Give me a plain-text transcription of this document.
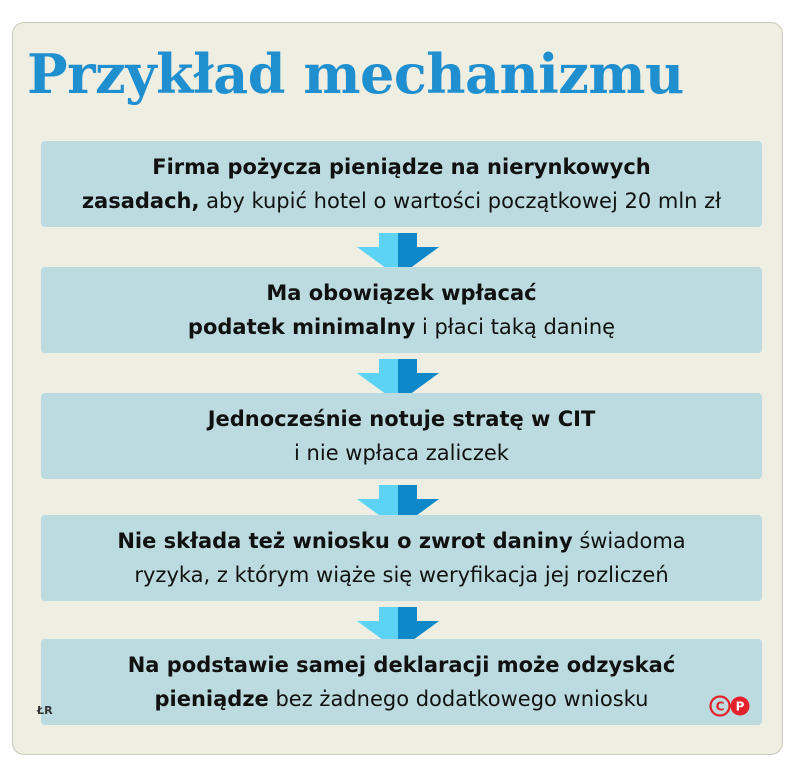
Przykład mechanizmu
Firma pożycza pieniądze na nierynkowych
zasadach, aby kupić hotel o wartości początkowej 20 mln zł
Ma obowiązek wpłacać
podatek minimalny i płaci taką daninę
Jednocześnie notuje stratę w CIT
i nie wpłaca zaliczek
Nie składa też wniosku o zwrot daniny świadoma
ryzyka, z którym wiąże się weryfikacja jej rozliczeń
Na podstawie samej deklaracji może odzyskać
pieniądze bez żadnego dodatkowego wniosku
ŁR	C P
